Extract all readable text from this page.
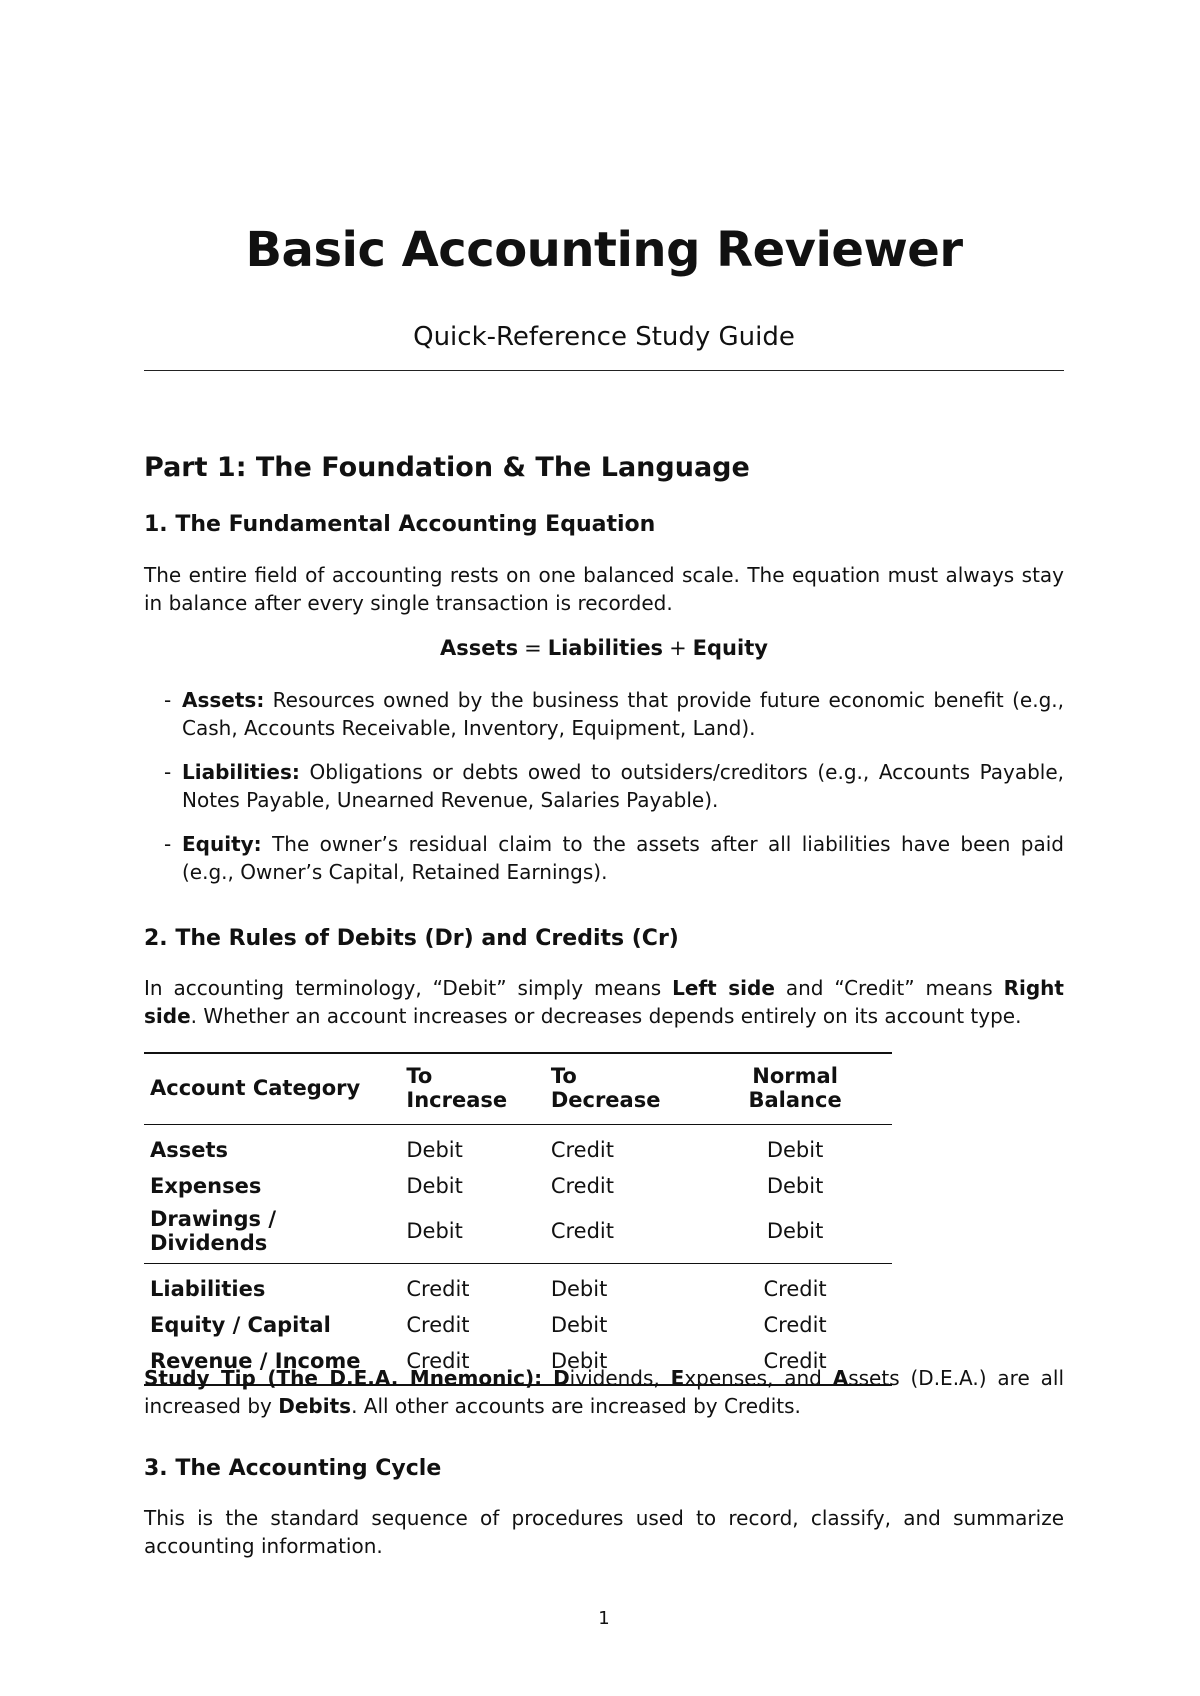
Basic Accounting Reviewer
Quick-Reference Study Guide
Part 1: The Foundation & The Language
1. The Fundamental Accounting Equation
The entire field of accounting rests on one balanced scale. The equation must always stay in balance after every single transaction is recorded.
Assets = Liabilities + Equity
- Assets: Resources owned by the business that provide future economic benefit (e.g., Cash, Accounts Receivable, Inventory, Equipment, Land).
- Liabilities: Obligations or debts owed to outsiders/creditors (e.g., Accounts Payable, Notes Payable, Unearned Revenue, Salaries Payable).
- Equity: The owner’s residual claim to the assets after all liabilities have been paid (e.g., Owner’s Capital, Retained Earnings).
2. The Rules of Debits (Dr) and Credits (Cr)
In accounting terminology, “Debit” simply means Left side and “Credit” means Right side. Whether an account increases or decreases depends entirely on its account type.
Account Category	To Increase	To Decrease	Normal Balance
Assets	Debit	Credit	Debit
Expenses	Debit	Credit	Debit
Drawings / Dividends	Debit	Credit	Debit
Liabilities	Credit	Debit	Credit
Equity / Capital	Credit	Debit	Credit
Revenue / Income	Credit	Debit	Credit
Study Tip (The D.E.A. Mnemonic): Dividends, Expenses, and Assets (D.E.A.) are all increased by Debits. All other accounts are increased by Credits.
3. The Accounting Cycle
This is the standard sequence of procedures used to record, classify, and summarize accounting information.
1
